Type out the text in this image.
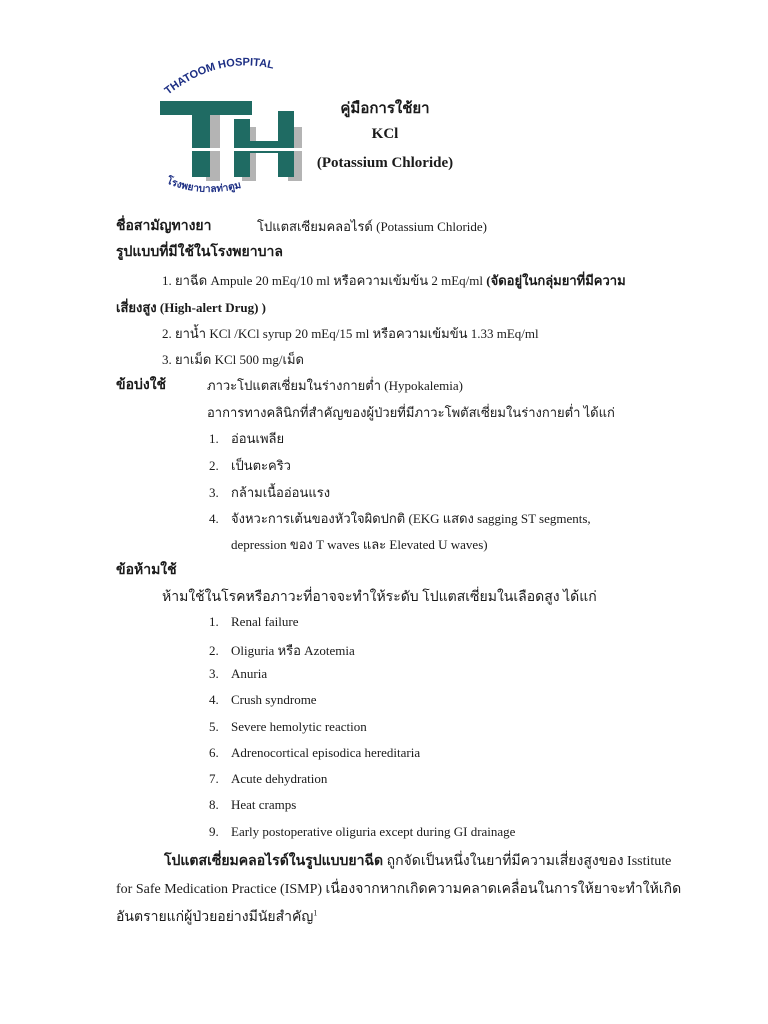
THATOOM HOSPITAL
โรงพยาบาลท่าตูม
คู่มือการใช้ยา
KCl
(Potassium Chloride)
ชื่อสามัญทางยา	โปแตสเซียมคลอไรด์ (Potassium Chloride)
รูปแบบที่มีใช้ในโรงพยาบาล
1. ยาฉีด Ampule 20 mEq/10 ml หรือความเข้มข้น 2 mEq/ml (จัดอยู่ในกลุ่มยาที่มีความ
เสี่ยงสูง (High-alert Drug) )
2. ยาน้ำ KCl /KCl syrup 20 mEq/15 ml หรือความเข้มข้น 1.33 mEq/ml
3. ยาเม็ด KCl 500 mg/เม็ด
ข้อบ่งใช้	ภาวะโปแตสเซี่ยมในร่างกายต่ำ (Hypokalemia)
อาการทางคลินิกที่สำคัญของผู้ป่วยที่มีภาวะโพตัสเซี่ยมในร่างกายต่ำ ได้แก่
1. อ่อนเพลีย
2. เป็นตะคริว
3. กล้ามเนื้ออ่อนแรง
4. จังหวะการเต้นของหัวใจผิดปกติ (EKG แสดง sagging ST segments,
depression ของ T waves และ Elevated U waves)
ข้อห้ามใช้
ห้ามใช้ในโรคหรือภาวะที่อาจจะทำให้ระดับ โปแตสเซี่ยมในเลือดสูง ได้แก่
1. Renal failure
2. Oliguria หรือ Azotemia
3. Anuria
4. Crush syndrome
5. Severe hemolytic reaction
6. Adrenocortical episodica hereditaria
7. Acute dehydration
8. Heat cramps
9. Early postoperative oliguria except during GI drainage
โปแตสเซี่ยมคลอไรด์ในรูปแบบยาฉีด ถูกจัดเป็นหนึ่งในยาที่มีความเสี่ยงสูงของ Isstitute
for Safe Medication Practice (ISMP) เนื่องจากหากเกิดความคลาดเคลื่อนในการให้ยาจะทำให้เกิด
อันตรายแก่ผู้ป่วยอย่างมีนัยสำคัญ$^1$
